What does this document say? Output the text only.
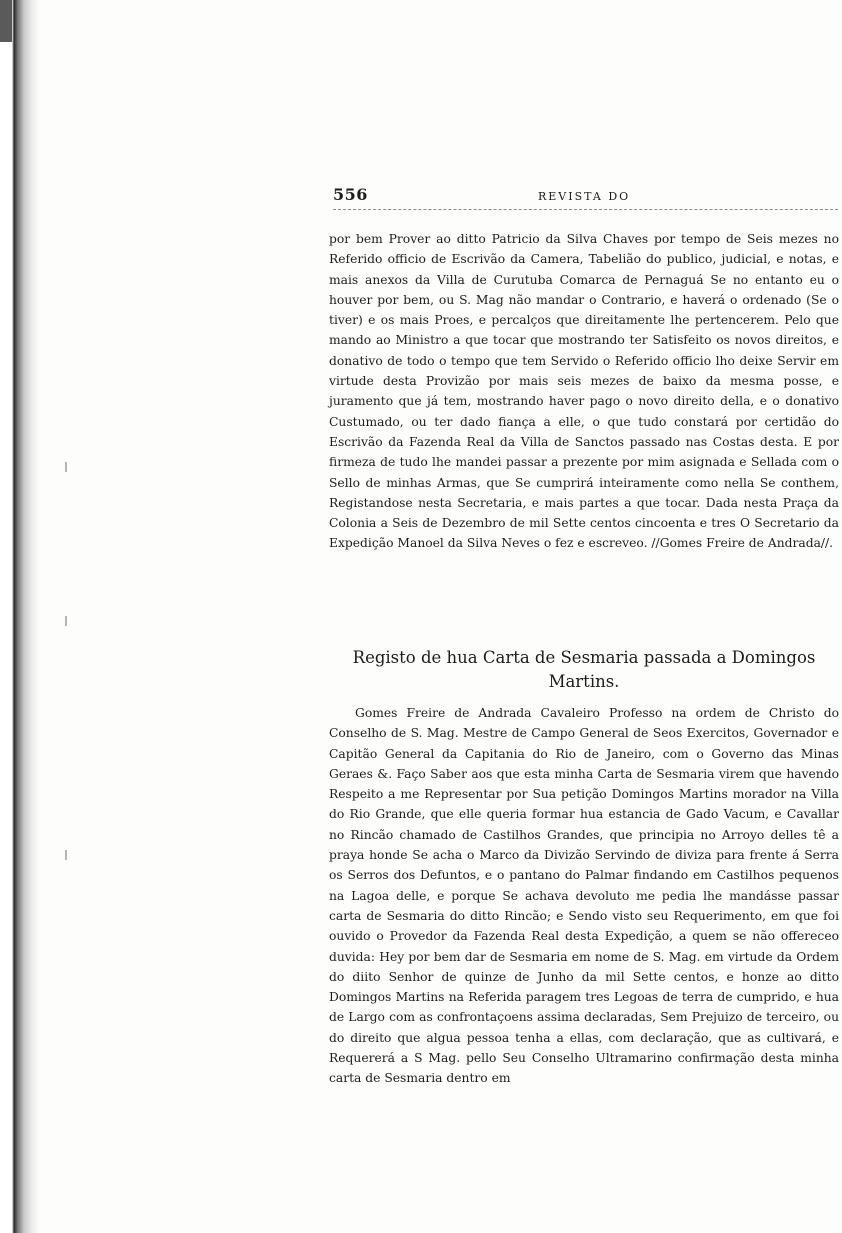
556	REVISTA DO

por bem Prover ao ditto Patricio da Silva Chaves por tempo de Seis mezes no Referido officio de Escrivão da Camera, Tabelião do publico, judicial, e notas, e mais anexos da Villa de Curutuba Comarca de Pernaguá Se no entanto eu o houver por bem, ou S. Mag não mandar o Contrario, e haverá o ordenado (Se o tiver) e os mais Proes, e percalços que direitamente lhe pertencerem. Pelo que mando ao Ministro a que tocar que mostrando ter Satisfeito os novos direitos, e donativo de todo o tempo que tem Servido o Referido officio lho deixe Servir em virtude desta Provizão por mais seis mezes de baixo da mesma posse, e juramento que já tem, mostrando haver pago o novo direito della, e o donativo Custumado, ou ter dado fiança a elle, o que tudo constará por certidão do Escrivão da Fazenda Real da Villa de Sanctos passado nas Costas desta. E por firmeza de tudo lhe mandei passar a prezente por mim asignada e Sellada com o Sello de minhas Armas, que Se cumprirá inteiramente como nella Se conthem, Registandose nesta Secretaria, e mais partes a que tocar. Dada nesta Praça da Colonia a Seis de Dezembro de mil Sette centos cincoenta e tres O Secretario da Expedição Manoel da Silva Neves o fez e escreveo. //Gomes Freire de Andrada//.

Registo de hua Carta de Sesmaria passada a Domingos Martins.

Gomes Freire de Andrada Cavaleiro Professo na ordem de Christo do Conselho de S. Mag. Mestre de Campo General de Seos Exercitos, Governador e Capitão General da Capitania do Rio de Janeiro, com o Governo das Minas Geraes &. Faço Saber aos que esta minha Carta de Sesmaria virem que havendo Respeito a me Representar por Sua petição Domingos Martins morador na Villa do Rio Grande, que elle queria formar hua estancia de Gado Vacum, e Cavallar no Rincão chamado de Castilhos Grandes, que principia no Arroyo delles tê a praya honde Se acha o Marco da Divizão Servindo de diviza para frente á Serra os Serros dos Defuntos, e o pantano do Palmar findando em Castilhos pequenos na Lagoa delle, e porque Se achava devoluto me pedia lhe mandásse passar carta de Sesmaria do ditto Rincão; e Sendo visto seu Requerimento, em que foi ouvido o Provedor da Fazenda Real desta Expedição, a quem se não offereceo duvida: Hey por bem dar de Sesmaria em nome de S. Mag. em virtude da Ordem do diito Senhor de quinze de Junho da mil Sette centos, e honze ao ditto Domingos Martins na Referida paragem tres Legoas de terra de cumprido, e hua de Largo com as confrontaçoens assima declaradas, Sem Prejuizo de terceiro, ou do direito que algua pessoa tenha a ellas, com declaração, que as cultivará, e Requererá a S Mag. pello Seu Conselho Ultramarino confirmação desta minha carta de Sesmaria dentro em
